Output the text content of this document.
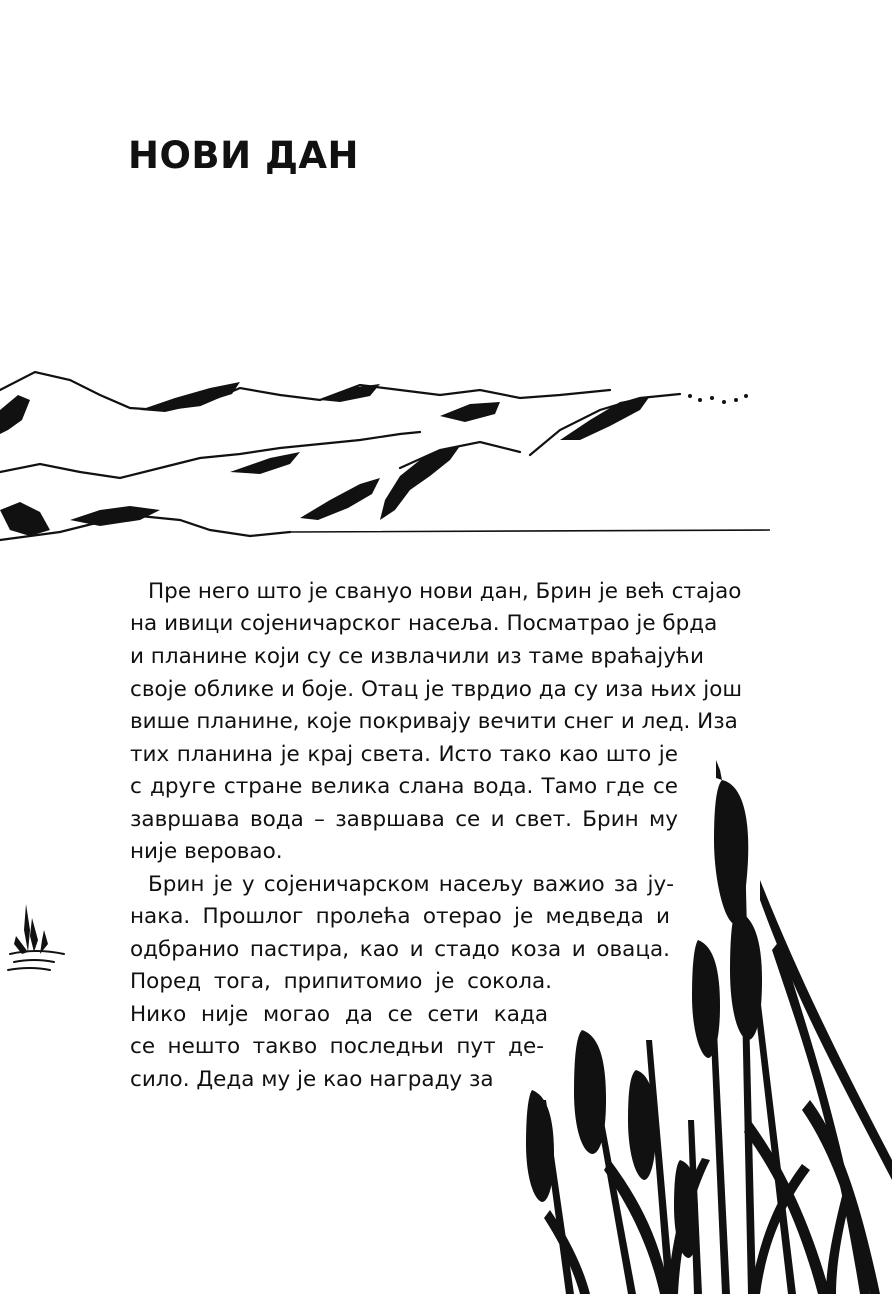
НОВИ ДАН
Пре него што је свануо нови дан, Брин је већ стајао
на ивици сојеничарског насеља. Посматрао је брда
и планине који су се извлачили из таме враћајући
своје облике и боје. Отац је тврдио да су иза њих још
више планине, које покривају вечити снег и лед. Иза
тих планина је крај света. Исто тако као што је
с друге стране велика слана вода. Тамо где се
завршава вода – завршава се и свет. Брин му
није веровао.
Брин је у сојеничарском насељу важио за ју-
нака. Прошлог пролећа отерао је медведа и
одбранио пастира, као и стадо коза и оваца.
Поред тога, припитомио је сокола.
Нико није могао да се сети када
се нешто такво последњи пут де-
сило. Деда му је као награду за
